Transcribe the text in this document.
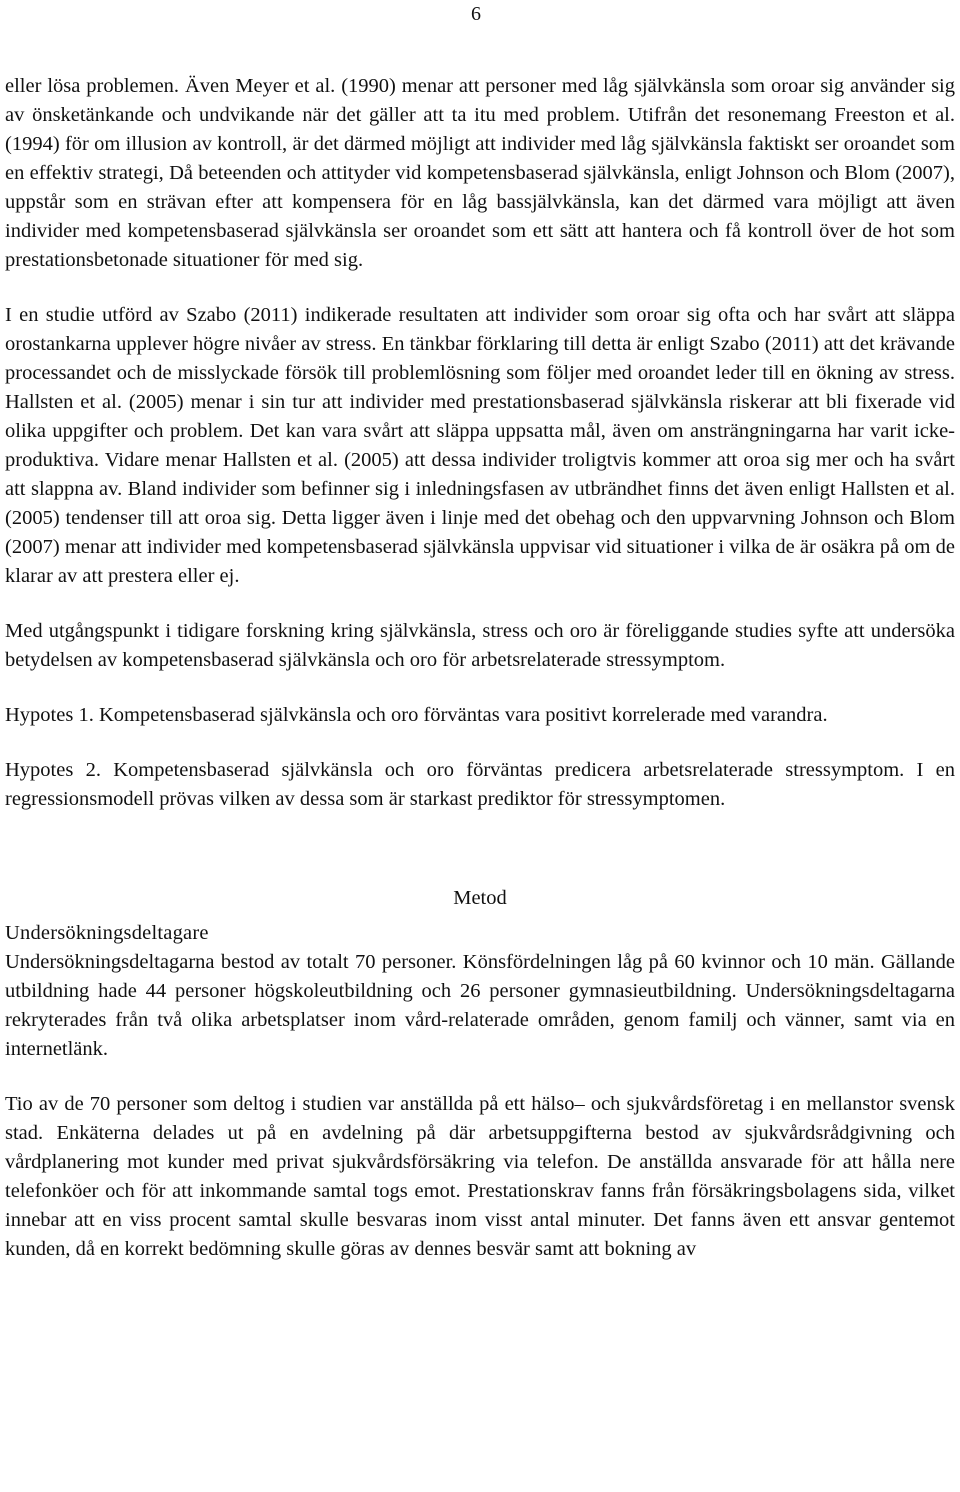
6

eller lösa problemen. Även Meyer et al. (1990) menar att personer med låg självkänsla som oroar sig använder sig av önsketänkande och undvikande när det gäller att ta itu med problem. Utifrån det resonemang Freeston et al. (1994) för om illusion av kontroll, är det därmed möjligt att individer med låg självkänsla faktiskt ser oroandet som en effektiv strategi, Då beteenden och attityder vid kompetensbaserad självkänsla, enligt Johnson och Blom (2007), uppstår som en strävan efter att kompensera för en låg bassjälvkänsla, kan det därmed vara möjligt att även individer med kompetensbaserad självkänsla ser oroandet som ett sätt att hantera och få kontroll över de hot som prestationsbetonade situationer för med sig.

I en studie utförd av Szabo (2011) indikerade resultaten att individer som oroar sig ofta och har svårt att släppa orostankarna upplever högre nivåer av stress. En tänkbar förklaring till detta är enligt Szabo (2011) att det krävande processandet och de misslyckade försök till problemlösning som följer med oroandet leder till en ökning av stress. Hallsten et al. (2005) menar i sin tur att individer med prestationsbaserad självkänsla riskerar att bli fixerade vid olika uppgifter och problem. Det kan vara svårt att släppa uppsatta mål, även om ansträngningarna har varit icke-produktiva. Vidare menar Hallsten et al. (2005) att dessa individer troligtvis kommer att oroa sig mer och ha svårt att slappna av. Bland individer som befinner sig i inledningsfasen av utbrändhet finns det även enligt Hallsten et al.(2005) tendenser till att oroa sig. Detta ligger även i linje med det obehag och den uppvarvning Johnson och Blom (2007) menar att individer med kompetensbaserad självkänsla uppvisar vid situationer i vilka de är osäkra på om de klarar av att prestera eller ej.

Med utgångspunkt i tidigare forskning kring självkänsla, stress och oro är föreliggande studies syfte att undersöka betydelsen av kompetensbaserad självkänsla och oro för arbetsrelaterade stressymptom.

Hypotes 1. Kompetensbaserad självkänsla och oro förväntas vara positivt korrelerade med varandra.

Hypotes 2. Kompetensbaserad självkänsla och oro förväntas predicera arbetsrelaterade stressymptom. I en regressionsmodell prövas vilken av dessa som är starkast prediktor för stressymptomen.

Metod

Undersökningsdeltagare

Undersökningsdeltagarna bestod av totalt 70 personer. Könsfördelningen låg på 60 kvinnor och 10 män. Gällande utbildning hade 44 personer högskoleutbildning och 26 personer gymnasieutbildning. Undersökningsdeltagarna rekryterades från två olika arbetsplatser inom vård-relaterade områden, genom familj och vänner, samt via en internetlänk.

Tio av de 70 personer som deltog i studien var anställda på ett hälso– och sjukvårdsföretag i en mellanstor svensk stad. Enkäterna delades ut på en avdelning på där arbetsuppgifterna bestod av sjukvårdsrådgivning och vårdplanering mot kunder med privat sjukvårdsförsäkring via telefon. De anställda ansvarade för att hålla nere telefonköer och för att inkommande samtal togs emot. Prestationskrav fanns från försäkringsbolagens sida, vilket innebar att en viss procent samtal skulle besvaras inom visst antal minuter. Det fanns även ett ansvar gentemot kunden, då en korrekt bedömning skulle göras av dennes besvär samt att bokning av
